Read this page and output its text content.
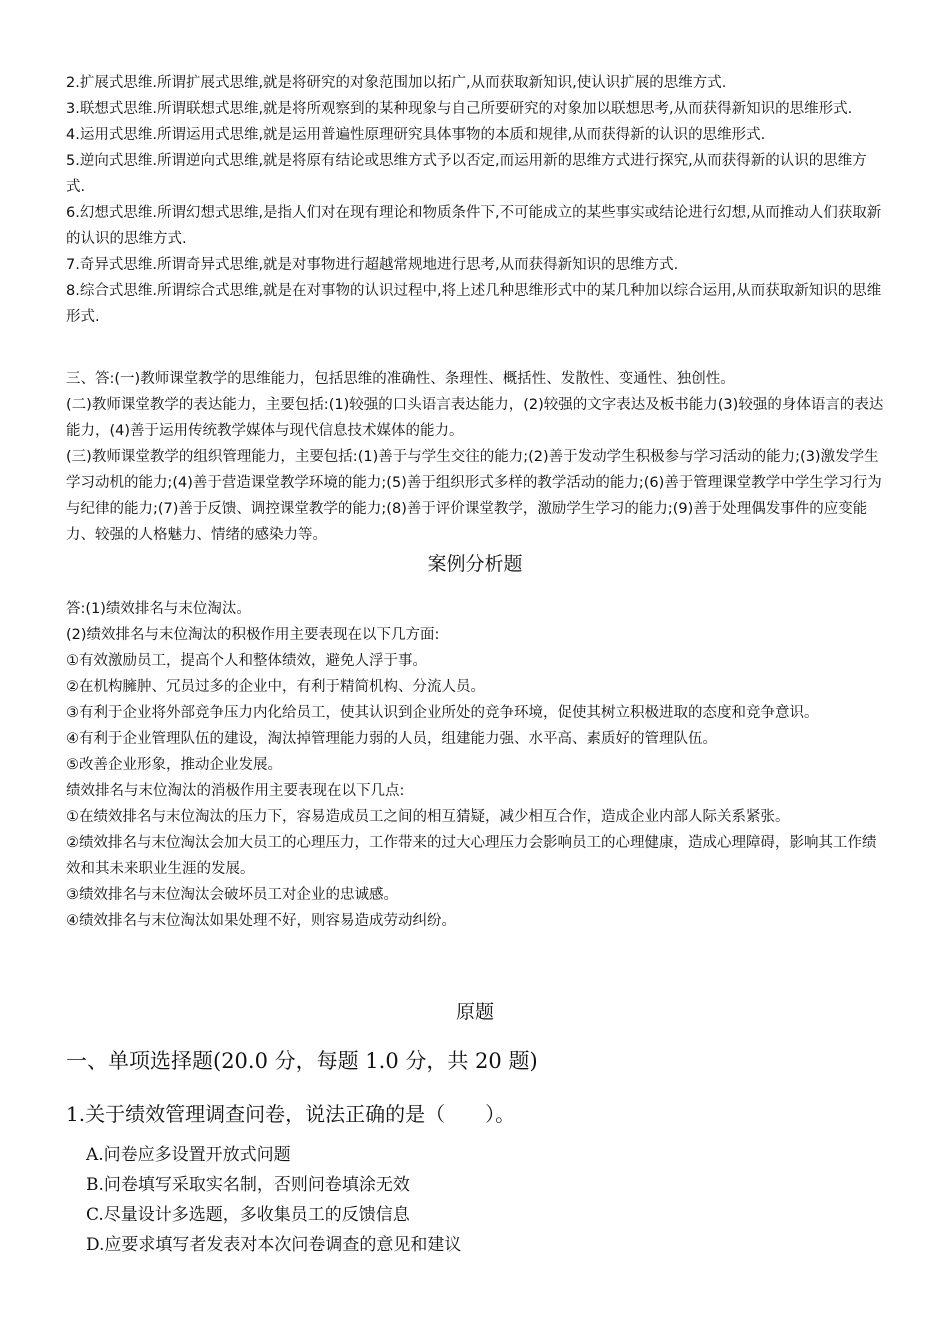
2.扩展式思维.所谓扩展式思维,就是将研究的对象范围加以拓广,从而获取新知识,使认识扩展的思维方式.

3.联想式思维.所谓联想式思维,就是将所观察到的某种现象与自己所要研究的对象加以联想思考,从而获得新知识的思维形式.

4.运用式思维.所谓运用式思维,就是运用普遍性原理研究具体事物的本质和规律,从而获得新的认识的思维形式.

5.逆向式思维.所谓逆向式思维,就是将原有结论或思维方式予以否定,而运用新的思维方式进行探究,从而获得新的认识的思维方式.

6.幻想式思维.所谓幻想式思维,是指人们对在现有理论和物质条件下,不可能成立的某些事实或结论进行幻想,从而推动人们获取新的认识的思维方式.

7.奇异式思维.所谓奇异式思维,就是对事物进行超越常规地进行思考,从而获得新知识的思维方式.

8.综合式思维.所谓综合式思维,就是在对事物的认识过程中,将上述几种思维形式中的某几种加以综合运用,从而获取新知识的思维形式.

三、答:(一)教师课堂教学的思维能力，包括思维的准确性、条理性、概括性、发散性、变通性、独创性。

(二)教师课堂教学的表达能力，主要包括:(1)较强的口头语言表达能力，(2)较强的文字表达及板书能力(3)较强的身体语言的表达能力，(4)善于运用传统教学媒体与现代信息技术媒体的能力。

(三)教师课堂教学的组织管理能力，主要包括:(1)善于与学生交往的能力;(2)善于发动学生积极参与学习活动的能力;(3)激发学生学习动机的能力;(4)善于营造课堂教学环境的能力;(5)善于组织形式多样的教学活动的能力;(6)善于管理课堂教学中学生学习行为与纪律的能力;(7)善于反馈、调控课堂教学的能力;(8)善于评价课堂教学，激励学生学习的能力;(9)善于处理偶发事件的应变能力、较强的人格魅力、情绪的感染力等。

案例分析题

答:(1)绩效排名与末位淘汰。

(2)绩效排名与末位淘汰的积极作用主要表现在以下几方面:

①有效激励员工，提高个人和整体绩效，避免人浮于事。

②在机构臃肿、冗员过多的企业中，有利于精简机构、分流人员。

③有利于企业将外部竞争压力内化给员工，使其认识到企业所处的竞争环境，促使其树立积极进取的态度和竞争意识。

④有利于企业管理队伍的建设，淘汰掉管理能力弱的人员，组建能力强、水平高、素质好的管理队伍。

⑤改善企业形象，推动企业发展。

绩效排名与末位淘汰的消极作用主要表现在以下几点:

①在绩效排名与末位淘汰的压力下，容易造成员工之间的相互猜疑，减少相互合作，造成企业内部人际关系紧张。

②绩效排名与末位淘汰会加大员工的心理压力，工作带来的过大心理压力会影响员工的心理健康，造成心理障碍，影响其工作绩效和其未来职业生涯的发展。

③绩效排名与末位淘汰会破坏员工对企业的忠诚感。

④绩效排名与末位淘汰如果处理不好，则容易造成劳动纠纷。

原题
一、单项选择题(20.0 分，每题 1.0 分，共 20 题)
1.关于绩效管理调查问卷，说法正确的是（　　）。
A.问卷应多设置开放式问题
B.问卷填写采取实名制，否则问卷填涂无效
C.尽量设计多选题，多收集员工的反馈信息
D.应要求填写者发表对本次问卷调查的意见和建议
